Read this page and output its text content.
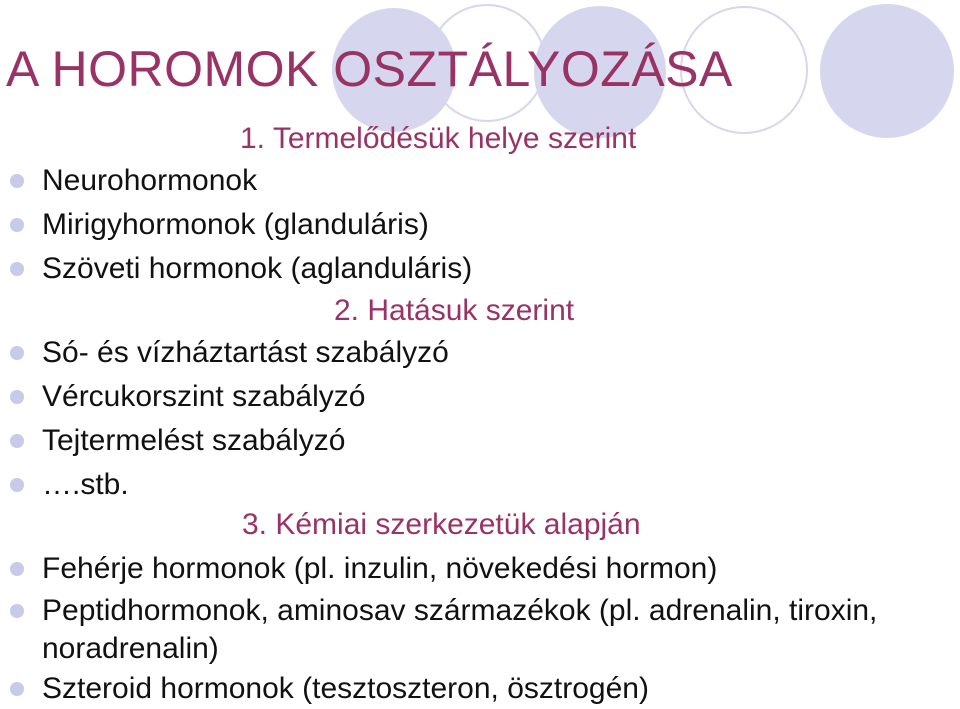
A HOROMOK OSZTÁLYOZÁSA
1. Termelődésük helye szerint
Neurohormonok
Mirigyhormonok (glanduláris)
Szöveti hormonok (aglanduláris)
2. Hatásuk szerint
Só- és vízháztartást szabályzó
Vércukorszint szabályzó
Tejtermelést szabályzó
….stb.
3. Kémiai szerkezetük alapján
Fehérje hormonok (pl. inzulin, növekedési hormon)
Peptidhormonok, aminosav származékok (pl. adrenalin, tiroxin, noradrenalin)
Szteroid hormonok (tesztoszteron, ösztrogén)
